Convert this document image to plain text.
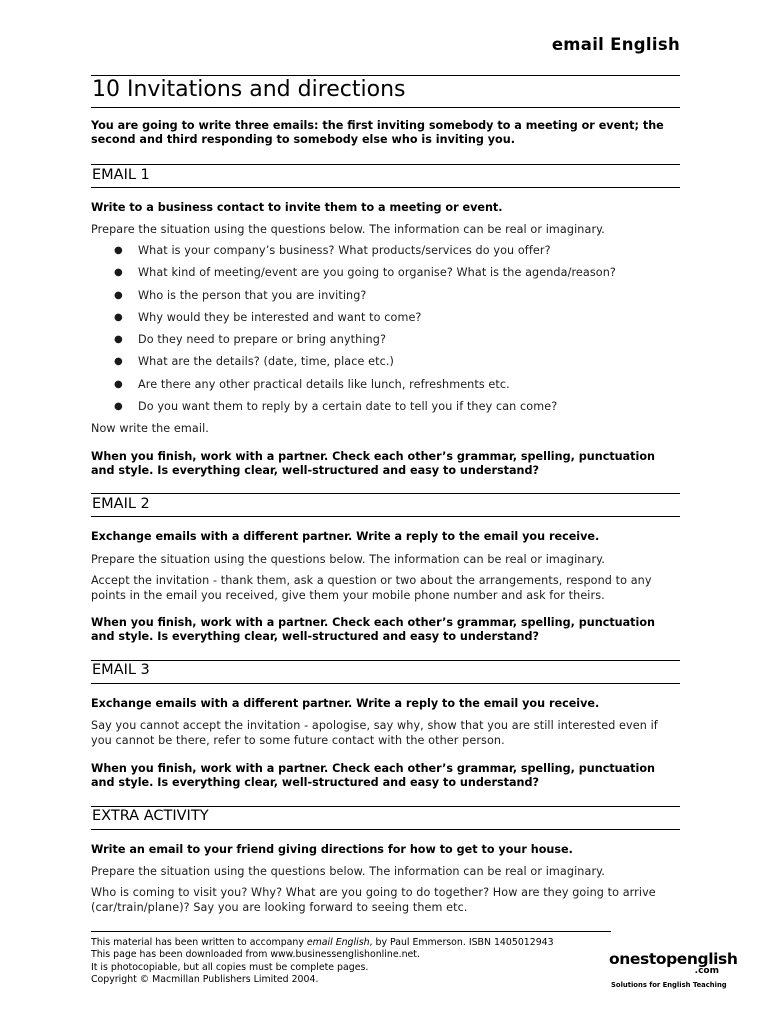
email English
10 Invitations and directions
You are going to write three emails: the first inviting somebody to a meeting or event; the second and third responding to somebody else who is inviting you.
EMAIL 1
Write to a business contact to invite them to a meeting or event.
Prepare the situation using the questions below. The information can be real or imaginary.
● What is your company’s business? What products/services do you offer?
● What kind of meeting/event are you going to organise? What is the agenda/reason?
● Who is the person that you are inviting?
● Why would they be interested and want to come?
● Do they need to prepare or bring anything?
● What are the details? (date, time, place etc.)
● Are there any other practical details like lunch, refreshments etc.
● Do you want them to reply by a certain date to tell you if they can come?
Now write the email.
When you finish, work with a partner. Check each other’s grammar, spelling, punctuation and style. Is everything clear, well-structured and easy to understand?
EMAIL 2
Exchange emails with a different partner. Write a reply to the email you receive.
Prepare the situation using the questions below. The information can be real or imaginary.
Accept the invitation - thank them, ask a question or two about the arrangements, respond to any points in the email you received, give them your mobile phone number and ask for theirs.
When you finish, work with a partner. Check each other’s grammar, spelling, punctuation and style. Is everything clear, well-structured and easy to understand?
EMAIL 3
Exchange emails with a different partner. Write a reply to the email you receive.
Say you cannot accept the invitation - apologise, say why, show that you are still interested even if you cannot be there, refer to some future contact with the other person.
When you finish, work with a partner. Check each other’s grammar, spelling, punctuation and style. Is everything clear, well-structured and easy to understand?
EXTRA ACTIVITY
Write an email to your friend giving directions for how to get to your house.
Prepare the situation using the questions below. The information can be real or imaginary.
Who is coming to visit you? Why? What are you going to do together? How are they going to arrive (car/train/plane)? Say you are looking forward to seeing them etc.
This material has been written to accompany email English, by Paul Emmerson. ISBN 1405012943
This page has been downloaded from www.businessenglishonline.net.
It is photocopiable, but all copies must be complete pages.
Copyright © Macmillan Publishers Limited 2004.
onestopenglish
.com
Solutions for English Teaching
